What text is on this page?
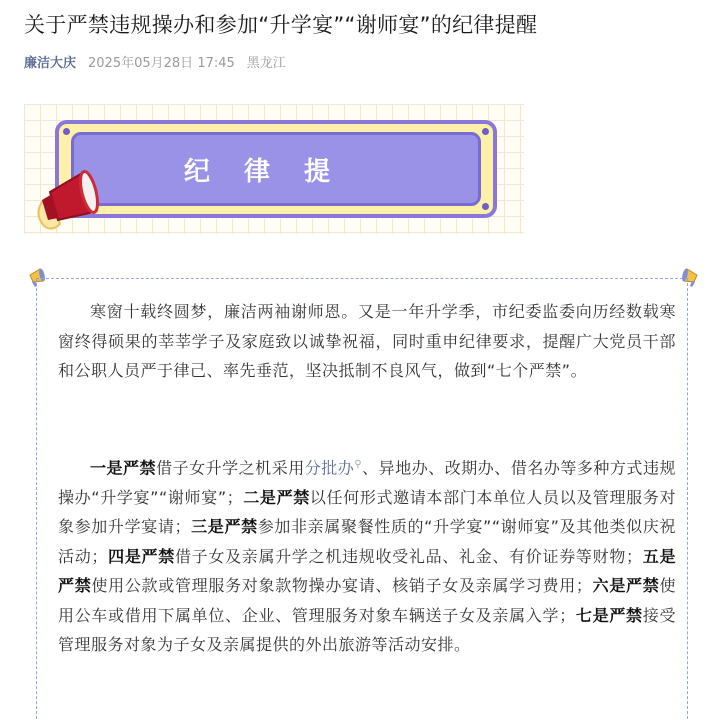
关于严禁违规操办和参加“升学宴”“谢师宴”的纪律提醒
廉洁大庆 2025年05月28日 17:45 黑龙江
纪律提

寒窗十载终圆梦，廉洁两袖谢师恩。又是一年升学季，市纪委监委向历经数载寒窗终得硕果的莘莘学子及家庭致以诚挚祝福，同时重申纪律要求，提醒广大党员干部和公职人员严于律己、率先垂范，坚决抵制不良风气，做到“七个严禁”。

一是严禁借子女升学之机采用分批办⚲、异地办、改期办、借名办等多种方式违规操办“升学宴”“谢师宴”；二是严禁以任何形式邀请本部门本单位人员以及管理服务对象参加升学宴请；三是严禁参加非亲属聚餐性质的“升学宴”“谢师宴”及其他类似庆祝活动；四是严禁借子女及亲属升学之机违规收受礼品、礼金、有价证券等财物；五是严禁使用公款或管理服务对象款物操办宴请、核销子女及亲属学习费用；六是严禁使用公车或借用下属单位、企业、管理服务对象车辆送子女及亲属入学；七是严禁接受管理服务对象为子女及亲属提供的外出旅游等活动安排。
